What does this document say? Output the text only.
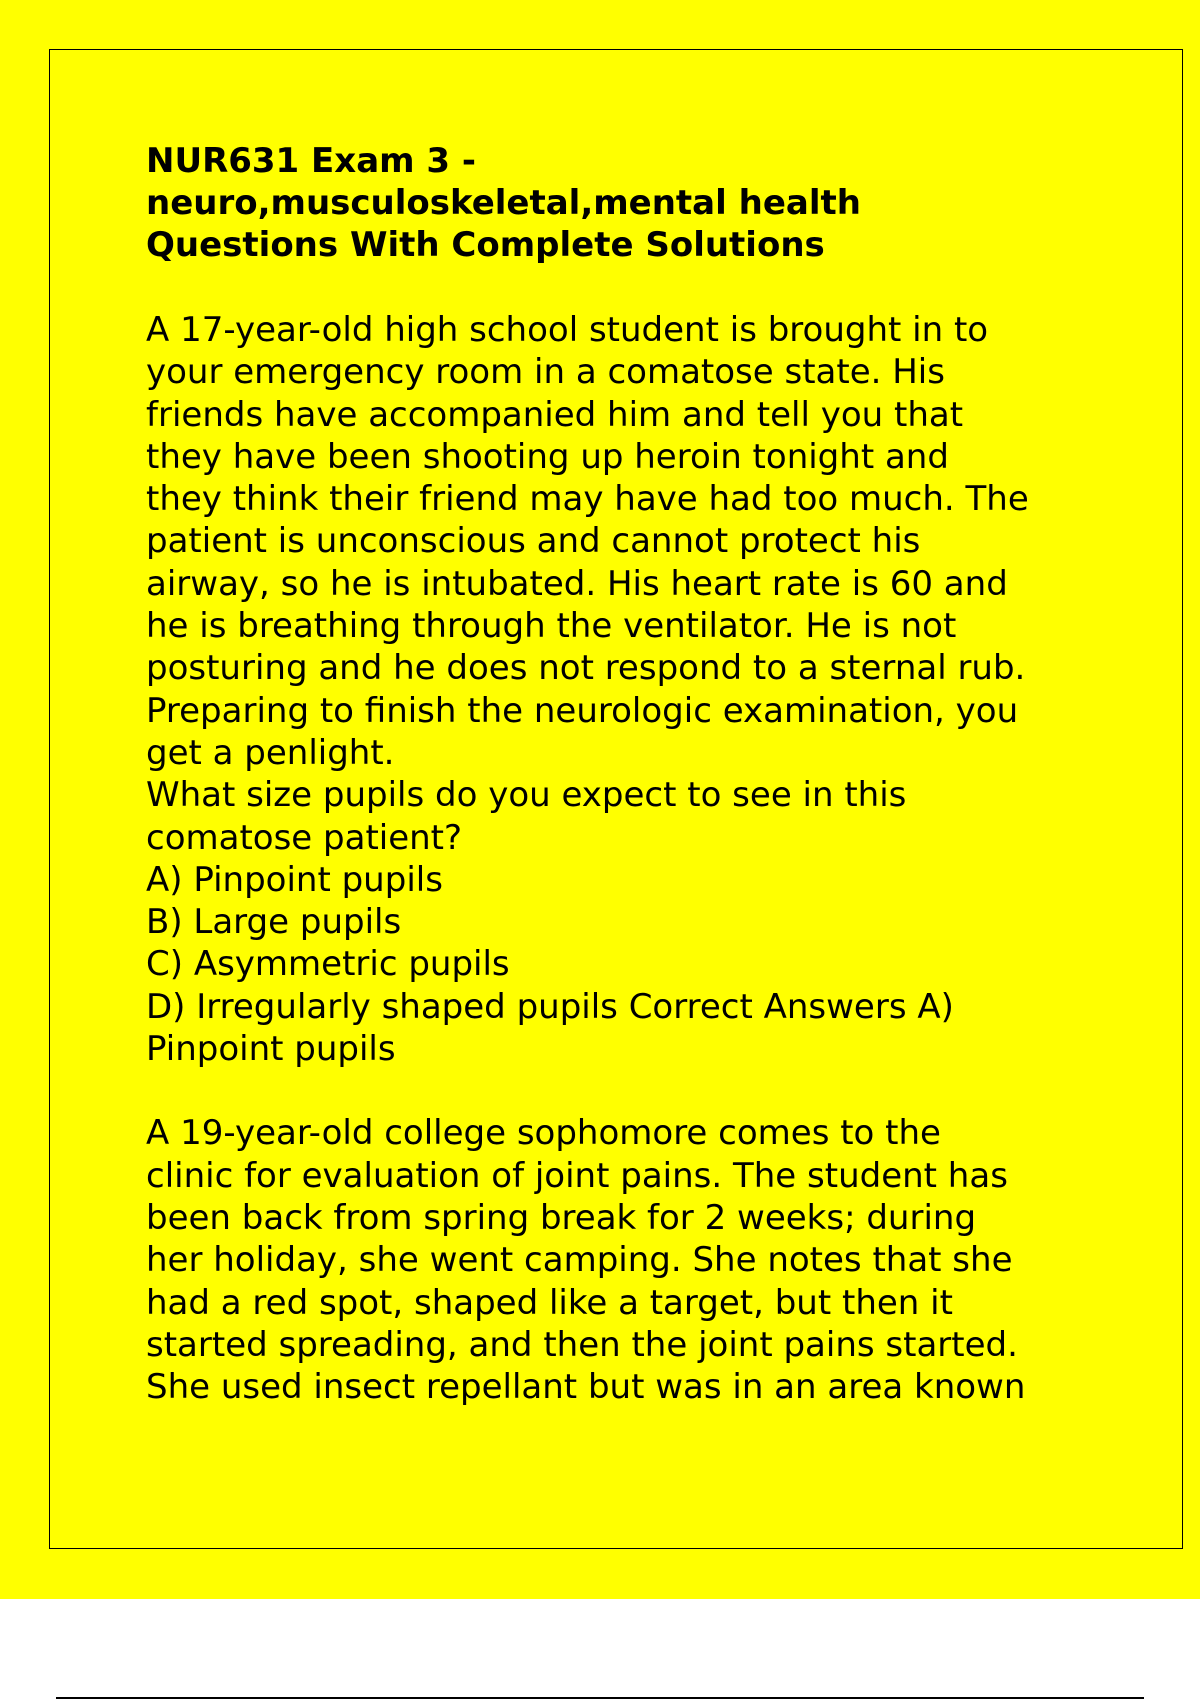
NUR631 Exam 3 -
neuro,musculoskeletal,mental health
Questions With Complete Solutions

A 17-year-old high school student is brought in to
your emergency room in a comatose state. His
friends have accompanied him and tell you that
they have been shooting up heroin tonight and
they think their friend may have had too much. The
patient is unconscious and cannot protect his
airway, so he is intubated. His heart rate is 60 and
he is breathing through the ventilator. He is not
posturing and he does not respond to a sternal rub.
Preparing to finish the neurologic examination, you
get a penlight.
What size pupils do you expect to see in this
comatose patient?
A) Pinpoint pupils
B) Large pupils
C) Asymmetric pupils
D) Irregularly shaped pupils Correct Answers A)
Pinpoint pupils

A 19-year-old college sophomore comes to the
clinic for evaluation of joint pains. The student has
been back from spring break for 2 weeks; during
her holiday, she went camping. She notes that she
had a red spot, shaped like a target, but then it
started spreading, and then the joint pains started.
She used insect repellant but was in an area known
